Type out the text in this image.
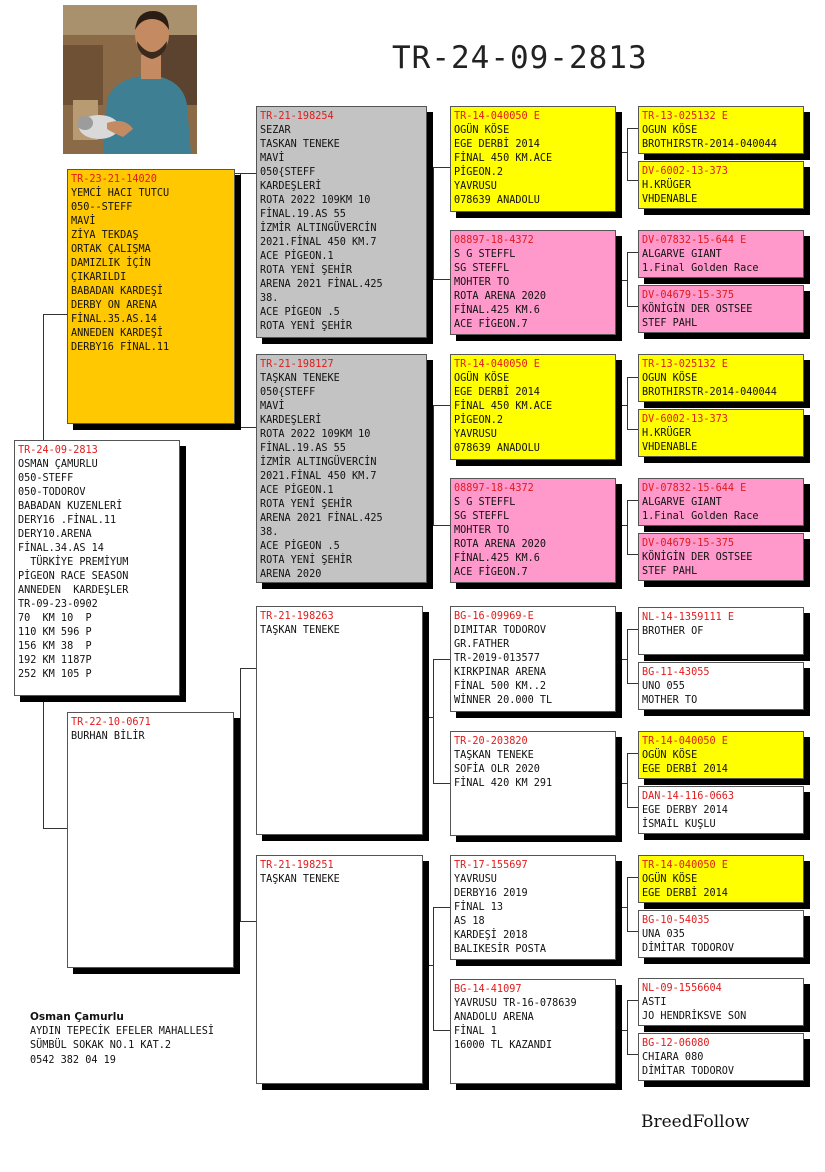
TR-24-09-2813
TR-24-09-2813
OSMAN ÇAMURLU
050-STEFF
050-TODOROV
BABADAN KUZENLERİ
DERY16 .FİNAL.11
DERY10.ARENA
FİNAL.34.AS 14
TÜRKİYE PREMİYUM
PİGEON RACE SEASON
ANNEDEN  KARDEŞLER
TR-09-23-0902
70  KM 10  P
110 KM 596 P
156 KM 38  P
192 KM 1187P
252 KM 105 P
TR-23-21-14020
YEMCİ HACI TUTCU
050--STEFF
MAVİ
ZİYA TEKDAŞ
ORTAK ÇALIŞMA
DAMIZLIK İÇİN
ÇIKARILDI
BABADAN KARDEŞİ
DERBY ON ARENA
FİNAL.35.AS.14
ANNEDEN KARDEŞİ
DERBY16 FİNAL.11
TR-22-10-0671
BURHAN BİLİR
TR-21-198254
SEZAR
TASKAN TENEKE
MAVİ
050{STEFF
KARDEŞLERİ
ROTA 2022 109KM 10
FİNAL.19.AS 55
İZMİR ALTINGÜVERCİN
2021.FİNAL 450 KM.7
ACE PİGEON.1
ROTA YENİ ŞEHİR
ARENA 2021 FİNAL.425
38.
ACE PİGEON .5
ROTA YENİ ŞEHİR
TR-21-198127
TAŞKAN TENEKE
050{STEFF
MAVİ
KARDEŞLERİ
ROTA 2022 109KM 10
FİNAL.19.AS 55
İZMİR ALTINGÜVERCİN
2021.FİNAL 450 KM.7
ACE PİGEON.1
ROTA YENİ ŞEHİR
ARENA 2021 FİNAL.425
38.
ACE PİGEON .5
ROTA YENİ ŞEHİR
ARENA 2020
TR-21-198263
TAŞKAN TENEKE
TR-21-198251
TAŞKAN TENEKE
TR-14-040050 E
OGÜN KÖSE
EGE DERBİ 2014
FİNAL 450 KM.ACE
PİGEON.2
YAVRUSU
078639 ANADOLU
08897-18-4372
S G STEFFL
SG STEFFL
MOHTER TO
ROTA ARENA 2020
FİNAL.425 KM.6
ACE FİGEON.7
TR-14-040050 E
OGÜN KÖSE
EGE DERBİ 2014
FİNAL 450 KM.ACE
PİGEON.2
YAVRUSU
078639 ANADOLU
08897-18-4372
S G STEFFL
SG STEFFL
MOHTER TO
ROTA ARENA 2020
FİNAL.425 KM.6
ACE FİGEON.7
BG-16-09969-E
DIMITAR TODOROV
GR.FATHER
TR-2019-013577
KIRKPINAR ARENA
FİNAL 500 KM..2
WİNNER 20.000 TL
TR-20-203820
TAŞKAN TENEKE
SOFİA OLR 2020
FİNAL 420 KM 291
TR-17-155697
YAVRUSU
DERBY16 2019
FİNAL 13
AS 18
KARDEŞİ 2018
BALIKESİR POSTA
BG-14-41097
YAVRUSU TR-16-078639
ANADOLU ARENA
FİNAL 1
16000 TL KAZANDI
TR-13-025132 E
OGUN KÖSE
BROTHIRSTR-2014-040044
DV-6002-13-373
H.KRÜGER
VHDENABLE
DV-07832-15-644 E
ALGARVE GIANT
1.Final Golden Race
DV-04679-15-375
KÖNİGİN DER OSTSEE
STEF PAHL
TR-13-025132 E
OGUN KÖSE
BROTHIRSTR-2014-040044
DV-6002-13-373
H.KRÜGER
VHDENABLE
DV-07832-15-644 E
ALGARVE GIANT
1.Final Golden Race
DV-04679-15-375
KÖNİGİN DER OSTSEE
STEF PAHL
NL-14-1359111 E
BROTHER OF
BG-11-43055
UNO 055
MOTHER TO
TR-14-040050 E
OGÜN KÖSE
EGE DERBİ 2014
DAN-14-116-0663
EGE DERBY 2014
İSMAİL KUŞLU
TR-14-040050 E
OGÜN KÖSE
EGE DERBİ 2014
BG-10-54035
UNA 035
DİMİTAR TODOROV
NL-09-1556604
ASTI
JO HENDRİKSVE SON
BG-12-06080
CHIARA 080
DİMİTAR TODOROV
Osman Çamurlu
AYDIN TEPECİK EFELER MAHALLESİ
SÜMBÜL SOKAK NO.1 KAT.2
0542 382 04 19
BreedFollow
